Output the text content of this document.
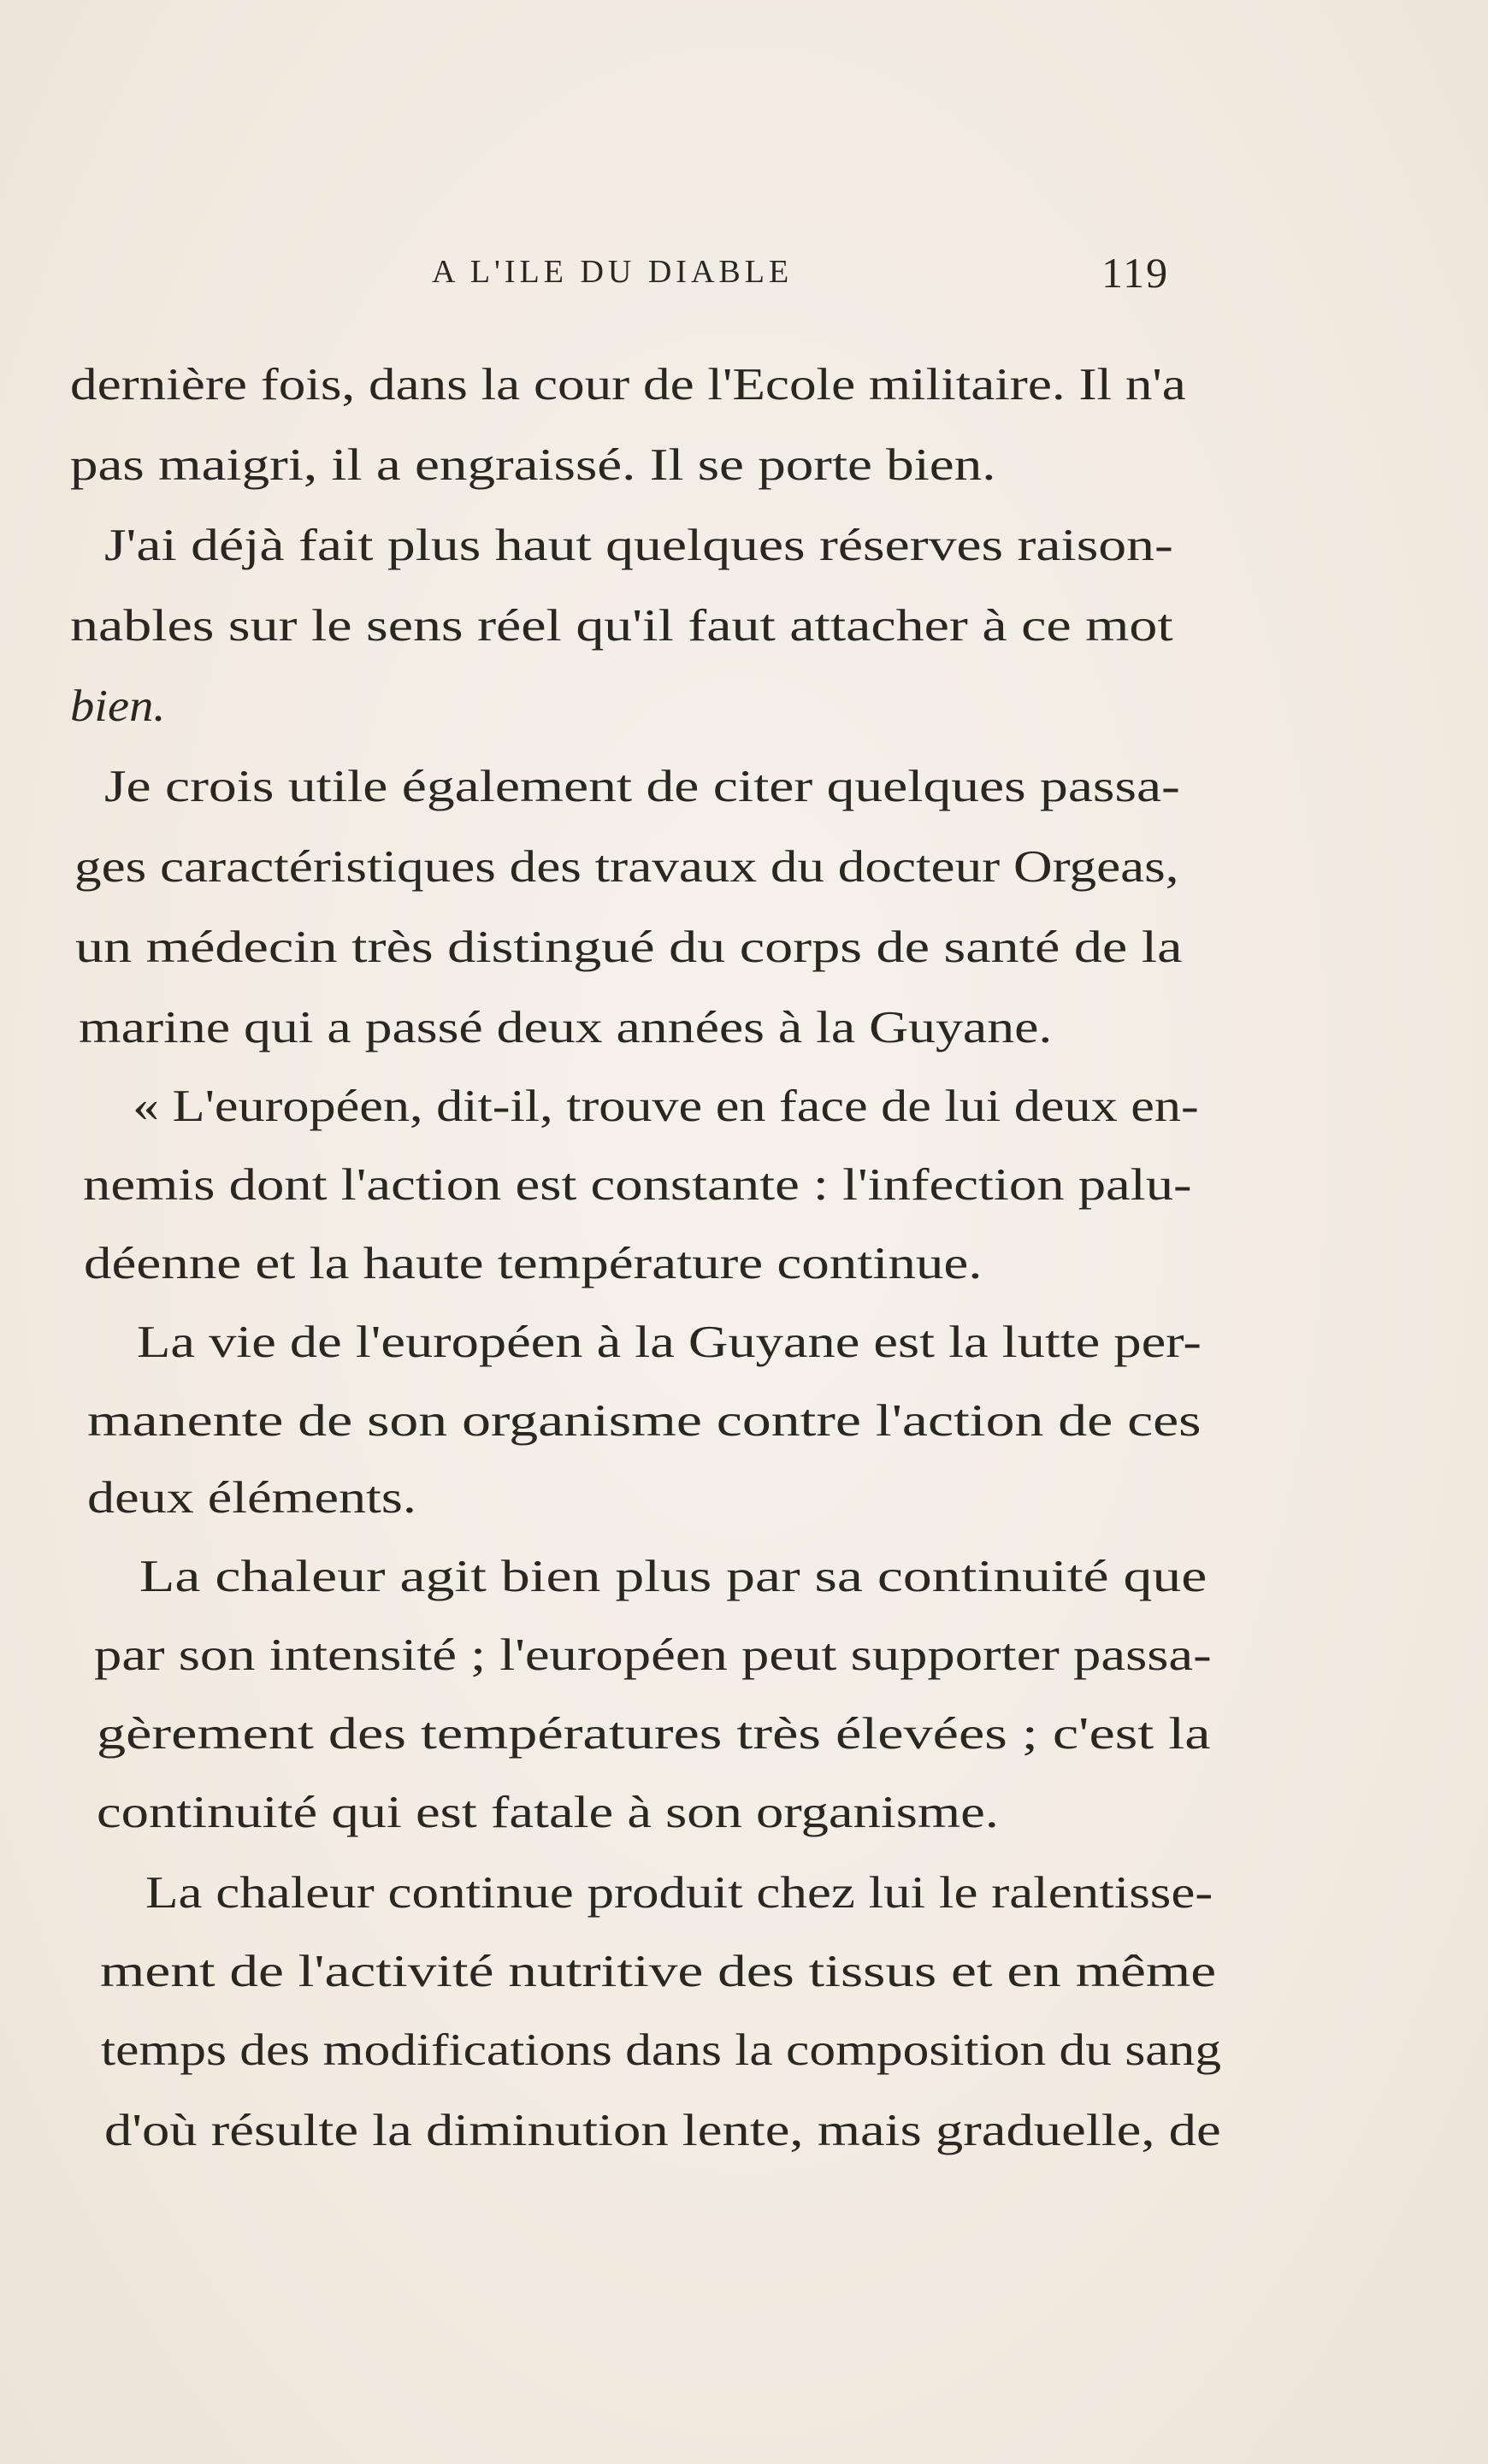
A L'ILE DU DIABLE	119
dernière fois, dans la cour de l'Ecole militaire. Il n'a
pas maigri, il a engraissé. Il se porte bien.
J'ai déjà fait plus haut quelques réserves raison-
nables sur le sens réel qu'il faut attacher à ce mot
bien.
Je crois utile également de citer quelques passa-
ges caractéristiques des travaux du docteur Orgeas,
un médecin très distingué du corps de santé de la
marine qui a passé deux années à la Guyane.
« L'européen, dit-il, trouve en face de lui deux en-
nemis dont l'action est constante : l'infection palu-
déenne et la haute température continue.
La vie de l'européen à la Guyane est la lutte per-
manente de son organisme contre l'action de ces
deux éléments.
La chaleur agit bien plus par sa continuité que
par son intensité ; l'européen peut supporter passa-
gèrement des températures très élevées ; c'est la
continuité qui est fatale à son organisme.
La chaleur continue produit chez lui le ralentisse-
ment de l'activité nutritive des tissus et en même
temps des modifications dans la composition du sang
d'où résulte la diminution lente, mais graduelle, de
